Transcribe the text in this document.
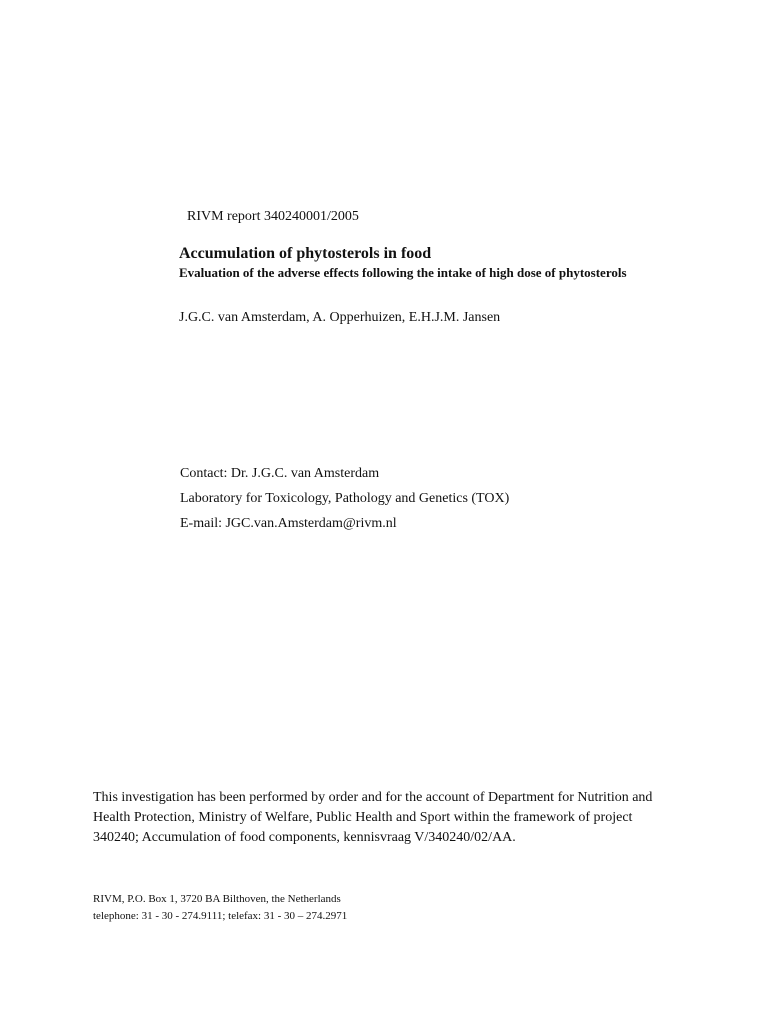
RIVM report 340240001/2005
Accumulation of phytosterols in food
Evaluation of the adverse effects following the intake of high dose of phytosterols
J.G.C. van Amsterdam, A. Opperhuizen, E.H.J.M. Jansen
Contact: Dr. J.G.C. van Amsterdam
Laboratory for Toxicology, Pathology and Genetics (TOX)
E-mail: JGC.van.Amsterdam@rivm.nl
This investigation has been performed by order and for the account of Department for Nutrition and Health Protection, Ministry of Welfare, Public Health and Sport within the framework of project 340240; Accumulation of food components, kennisvraag V/340240/02/AA.
RIVM, P.O. Box 1, 3720 BA Bilthoven, the Netherlands
telephone: 31 - 30 - 274.9111; telefax: 31 - 30 – 274.2971
